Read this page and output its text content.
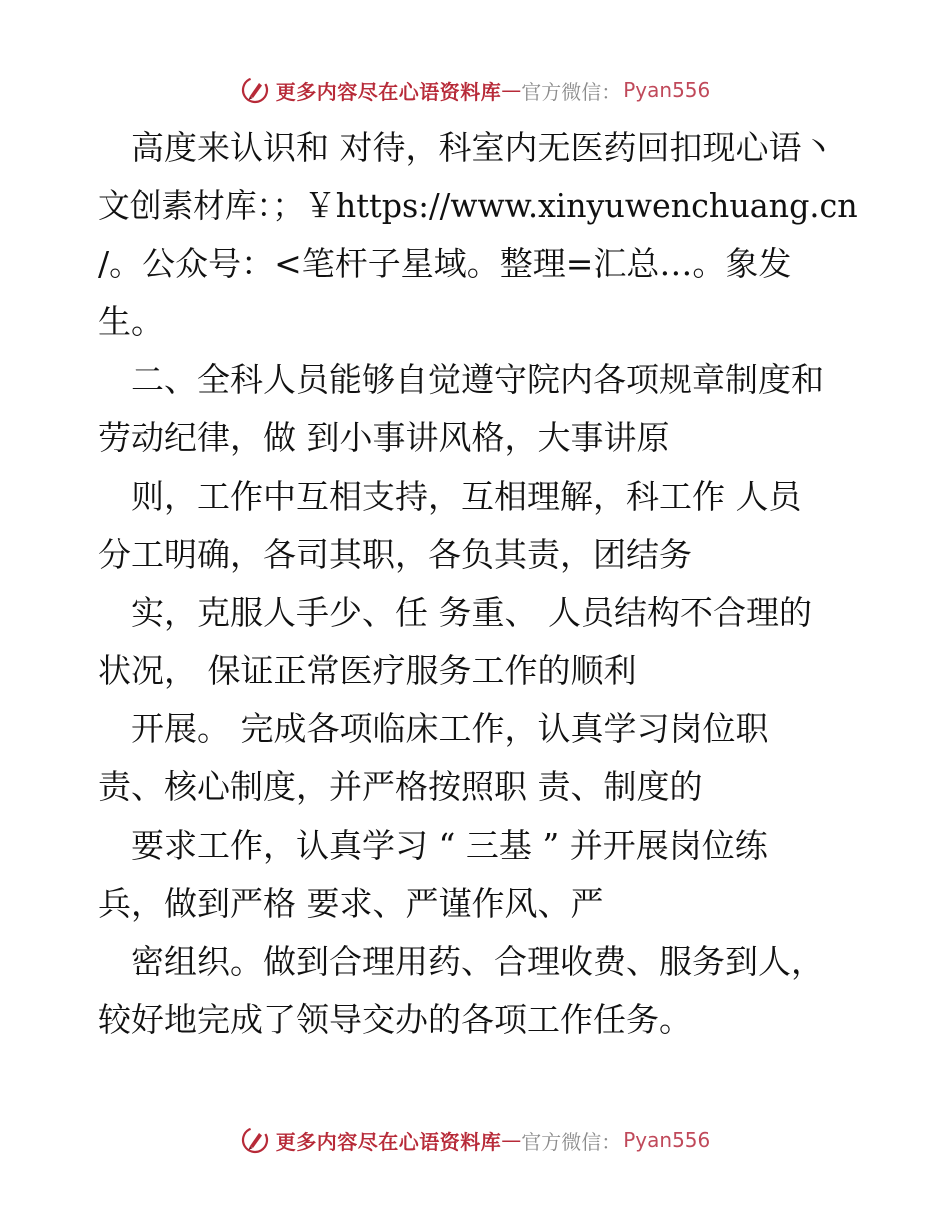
更多内容尽在心语资料库 — 官方微信： Pyan556
　高度来认识和 对待，科室内无医药回扣现心语丶
文创素材库：；￥https://www.xinyuwenchuang.cn
/。公众号：<笔杆子星域。整理=汇总…。象发
生。
　二、全科人员能够自觉遵守院内各项规章制度和
劳动纪律，做 到小事讲风格，大事讲原
　则，工作中互相支持，互相理解，科工作 人员
分工明确，各司其职，各负其责，团结务
　实，克服人手少、任 务重、 人员结构不合理的
状况， 保证正常医疗服务工作的顺利
　开展。 完成各项临床工作，认真学习岗位职
责、核心制度，并严格按照职 责、制度的
　要求工作，认真学习 “ 三基 ” 并开展岗位练
兵，做到严格 要求、严谨作风、严
　密组织。做到合理用药、合理收费、服务到人，
较好地完成了领导交办的各项工作任务。
更多内容尽在心语资料库 — 官方微信： Pyan556
